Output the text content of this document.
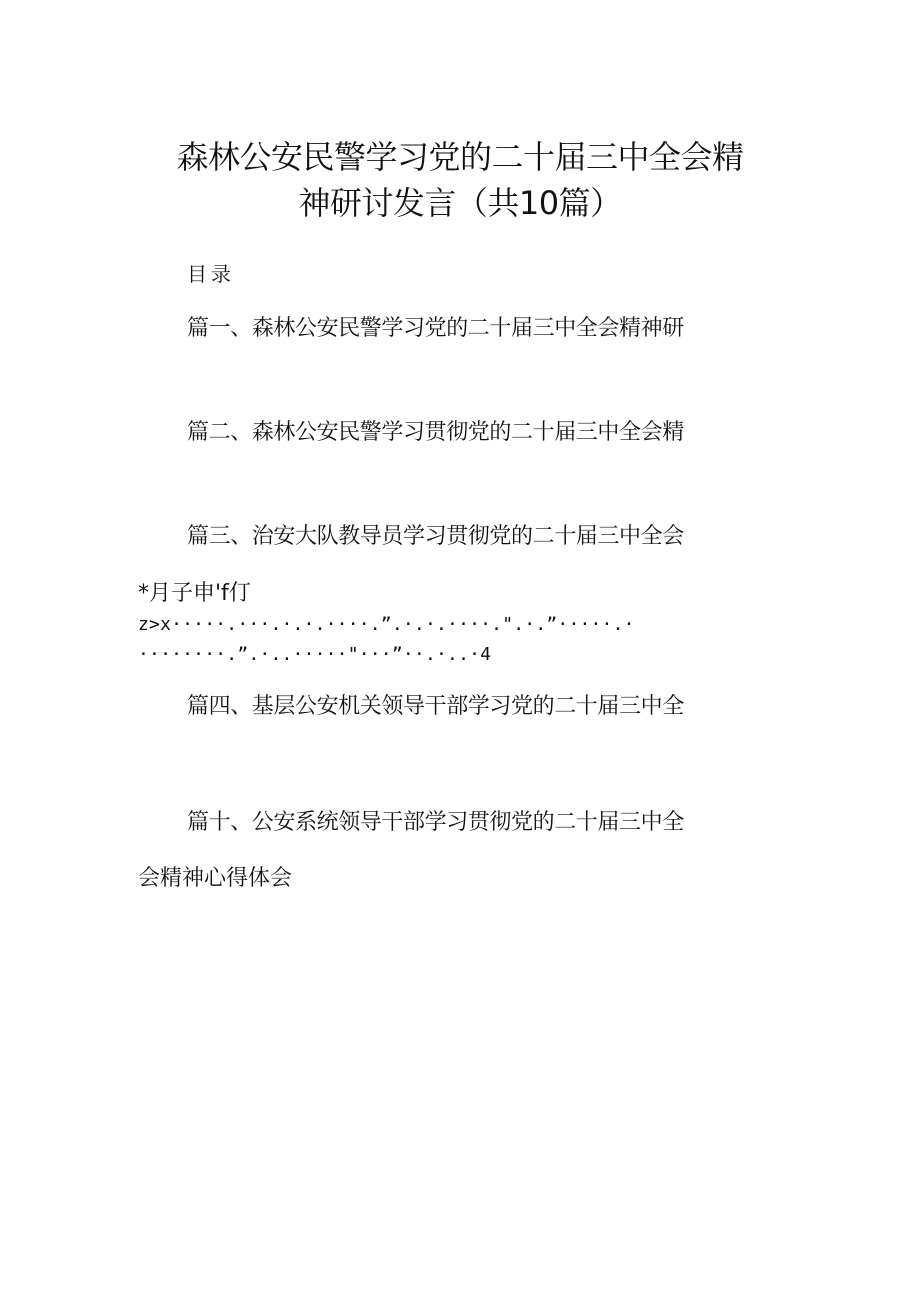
森林公安民警学习党的二十届三中全会精
神研讨发言（共10篇）
目录
篇一、森林公安民警学习党的二十届三中全会精神研
篇二、森林公安民警学习贯彻党的二十届三中全会精
篇三、治安大队教导员学习贯彻党的二十届三中全会
*月子申'f仃
z>x·····.···.·.·.····.”.·.·.····.".·.”·····.·
········.”.·..·····"···”··.·..·4
篇四、基层公安机关领导干部学习党的二十届三中全
篇十、公安系统领导干部学习贯彻党的二十届三中全
会精神心得体会
